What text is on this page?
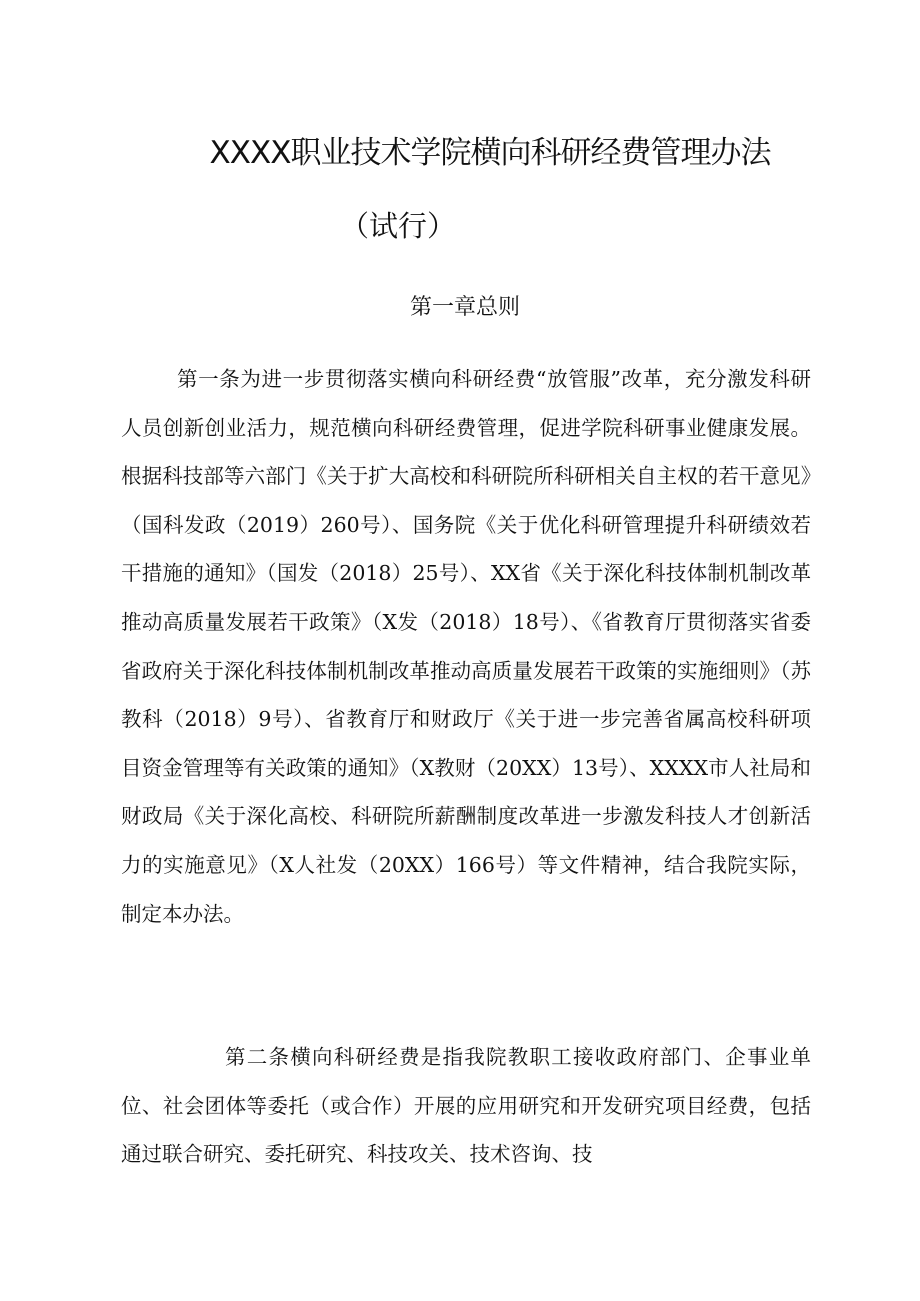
XXXX职业技术学院横向科研经费管理办法
（试行）
第一章总则

第一条为进一步贯彻落实横向科研经费“放管服”改革，充分激发科研人员创新创业活力，规范横向科研经费管理，促进学院科研事业健康发展。根据科技部等六部门《关于扩大高校和科研院所科研相关自主权的若干意见》（国科发政（2019）260号）、国务院《关于优化科研管理提升科研绩效若干措施的通知》（国发（2018）25号）、XX省《关于深化科技体制机制改革推动高质量发展若干政策》（X发（2018）18号）、《省教育厅贯彻落实省委省政府关于深化科技体制机制改革推动高质量发展若干政策的实施细则》（苏教科（2018）9号）、省教育厅和财政厅《关于进一步完善省属高校科研项目资金管理等有关政策的通知》（X教财（20XX）13号）、XXXX市人社局和财政局《关于深化高校、科研院所薪酬制度改革进一步激发科技人才创新活力的实施意见》（X人社发（20XX）166号）等文件精神，结合我院实际，制定本办法。

第二条横向科研经费是指我院教职工接收政府部门、企事业单位、社会团体等委托（或合作）开展的应用研究和开发研究项目经费，包括通过联合研究、委托研究、科技攻关、技术咨询、技
